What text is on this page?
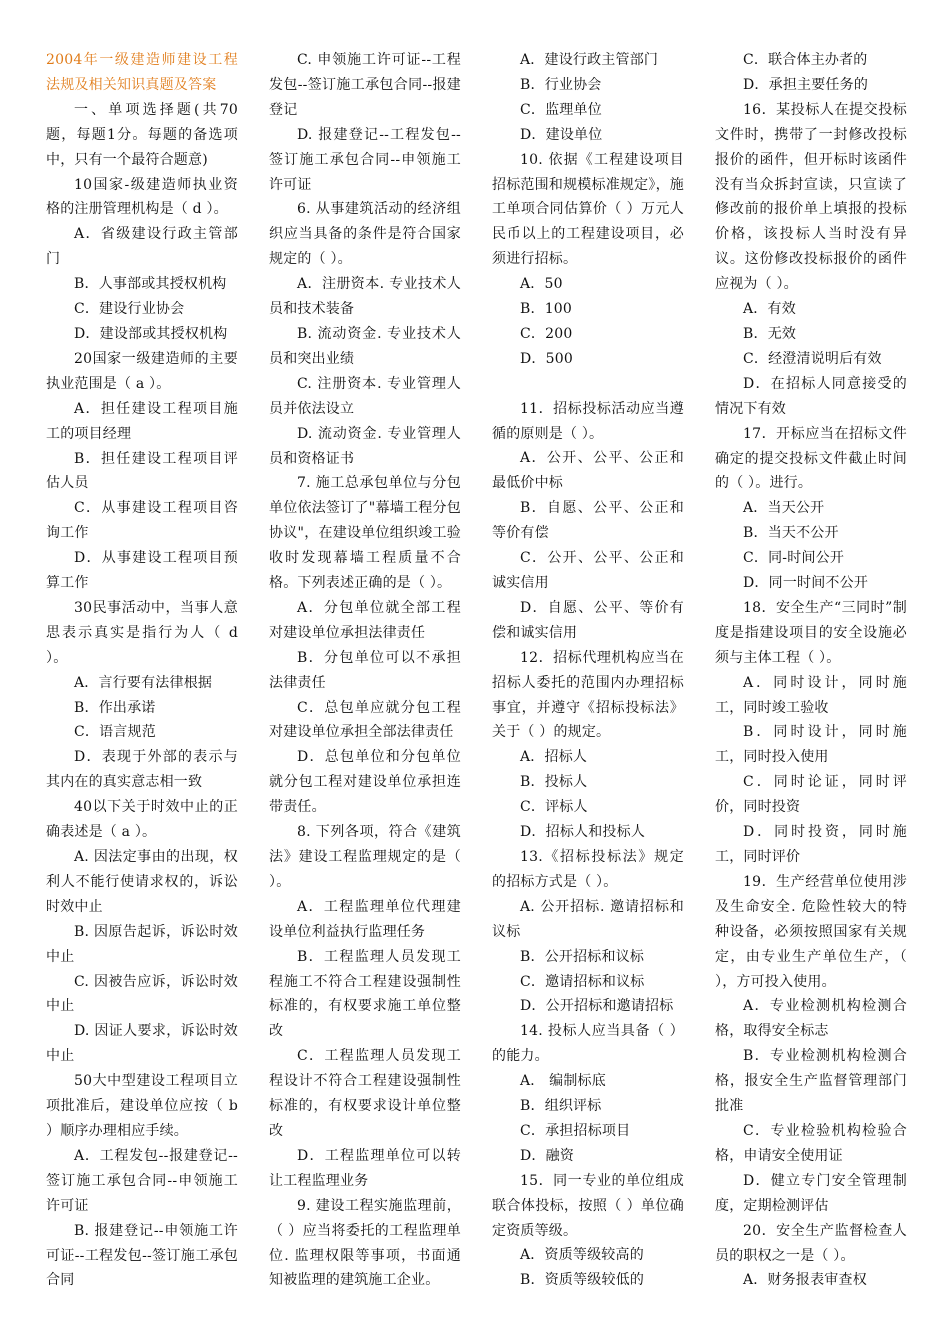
2004年一级建造师建设工程法规及相关知识真题及答案

一、单项选择题(共70题，每题1分。每题的备选项中，只有一个最符合题意)

10国家-级建造师执业资格的注册管理机构是（ d ）。

A．省级建设行政主管部门

B．人事部或其授权机构

C．建设行业协会

D．建设部或其授权机构

20国家一级建造师的主要执业范围是（ a ）。

A．担任建设工程项目施工的项目经理

B．担任建设工程项目评估人员

C．从事建设工程项目咨询工作

D．从事建设工程项目预算工作

30民事活动中，当事人意思表示真实是指行为人（ d ）。

A．言行要有法律根据

B．作出承诺

C．语言规范

D．表现于外部的表示与其内在的真实意志相一致

40以下关于时效中止的正确表述是（ a ）。

A. 因法定事由的出现，权利人不能行使请求权的，诉讼时效中止

B. 因原告起诉，诉讼时效中止

C. 因被告应诉，诉讼时效中止

D. 因证人要求，诉讼时效中止

50大中型建设工程项目立项批准后，建设单位应按（ b ）顺序办理相应手续。

A．工程发包--报建登记--签订施工承包合同--申领施工许可证

B. 报建登记--申领施工许可证--工程发包--签订施工承包合同

C. 申领施工许可证--工程发包--签订施工承包合同--报建登记

D. 报建登记--工程发包--签订施工承包合同--申领施工许可证

6. 从事建筑活动的经济组织应当具备的条件是符合国家规定的（ ）。

A．注册资本. 专业技术人员和技术装备

B. 流动资金. 专业技术人员和突出业绩

C. 注册资本. 专业管理人员并依法设立

D. 流动资金. 专业管理人员和资格证书

7. 施工总承包单位与分包单位依法签订了"幕墙工程分包协议"，在建设单位组织竣工验收时发现幕墙工程质量不合格。下列表述正确的是（ ）。

A．分包单位就全部工程对建设单位承担法律责任

B．分包单位可以不承担法律责任

C．总包单应就分包工程对建设单位承担全部法律责任

D．总包单位和分包单位就分包工程对建设单位承担连带责任。

8. 下列各项，符合《建筑法》建设工程监理规定的是（ ）。

A．工程监理单位代理建设单位利益执行监理任务

B．工程监理人员发现工程施工不符合工程建设强制性标准的，有权要求施工单位整改

C．工程监理人员发现工程设计不符合工程建设强制性标准的，有权要求设计单位整改

D．工程监理单位可以转让工程监理业务

9. 建设工程实施监理前，（ ）应当将委托的工程监理单位. 监理权限等事项，书面通知被监理的建筑施工企业。

A．建设行政主管部门

B．行业协会

C．监理单位

D．建设单位

10. 依据《工程建设项目招标范围和规模标准规定》，施工单项合同估算价（ ）万元人民币以上的工程建设项目，必须进行招标。

A．50

B．100

C．200

D．500

11．招标投标活动应当遵循的原则是（ ）。

A．公开、公平、公正和最低价中标

B．自愿、公平、公正和等价有偿

C．公开、公平、公正和诚实信用

D．自愿、公平、等价有偿和诚实信用

12．招标代理机构应当在招标人委托的范围内办理招标事宜，并遵守《招标投标法》关于（ ）的规定。

A．招标人

B．投标人

C．评标人

D．招标人和投标人

13.《招标投标法》规定的招标方式是（ ）。

A. 公开招标. 邀请招标和议标

B．公开招标和议标

C．邀请招标和议标

D．公开招标和邀请招标

14. 投标人应当具备（ ）的能力。

A． 编制标底

B．组织评标

C．承担招标项目

D．融资

15．同一专业的单位组成联合体投标，按照（ ）单位确定资质等级。

A．资质等级较高的

B．资质等级较低的

C．联合体主办者的

D．承担主要任务的

16．某投标人在提交投标文件时，携带了一封修改投标报价的函件，但开标时该函件没有当众拆封宣读，只宣读了修改前的报价单上填报的投标价格，该投标人当时没有异议。这份修改投标报价的函件应视为（ ）。

A．有效

B．无效

C．经澄清说明后有效

D．在招标人同意接受的情况下有效

17．开标应当在招标文件确定的提交投标文件截止时间的（ ）。进行。

A．当天公开

B．当天不公开

C．同-时间公开

D．同一时间不公开

18．安全生产“三同时”制度是指建设项目的安全设施必须与主体工程（ ）。

A．同时设计，同时施工，同时竣工验收

B．同时设计，同时施工，同时投入使用

C．同时论证，同时评价，同时投资

D．同时投资，同时施工，同时评价

19．生产经营单位使用涉及生命安全. 危险性较大的特种设备，必须按照国家有关规定，由专业生产单位生产，（ ），方可投入使用。

A．专业检测机构检测合格，取得安全标志

B．专业检测机构检测合格，报安全生产监督管理部门批准

C．专业检验机构检验合格，申请安全使用证

D．健立专门安全管理制度，定期检测评估

20．安全生产监督检查人员的职权之一是（ ）。

A．财务报表审查权
